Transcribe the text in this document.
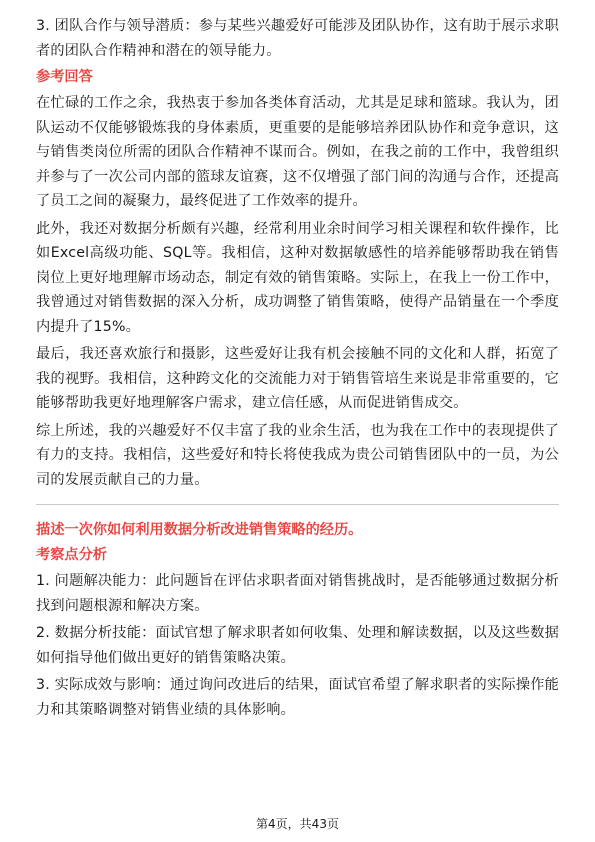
3. 团队合作与领导潜质：参与某些兴趣爱好可能涉及团队协作，这有助于展示求职者的团队合作精神和潜在的领导能力。

参考回答

在忙碌的工作之余，我热衷于参加各类体育活动，尤其是足球和篮球。我认为，团队运动不仅能够锻炼我的身体素质，更重要的是能够培养团队协作和竞争意识，这与销售类岗位所需的团队合作精神不谋而合。例如，在我之前的工作中，我曾组织并参与了一次公司内部的篮球友谊赛，这不仅增强了部门间的沟通与合作，还提高了员工之间的凝聚力，最终促进了工作效率的提升。

此外，我还对数据分析颇有兴趣，经常利用业余时间学习相关课程和软件操作，比如Excel高级功能、SQL等。我相信，这种对数据敏感性的培养能够帮助我在销售岗位上更好地理解市场动态，制定有效的销售策略。实际上，在我上一份工作中，我曾通过对销售数据的深入分析，成功调整了销售策略，使得产品销量在一个季度内提升了15%。

最后，我还喜欢旅行和摄影，这些爱好让我有机会接触不同的文化和人群，拓宽了我的视野。我相信，这种跨文化的交流能力对于销售管培生来说是非常重要的，它能够帮助我更好地理解客户需求，建立信任感，从而促进销售成交。

综上所述，我的兴趣爱好不仅丰富了我的业余生活，也为我在工作中的表现提供了有力的支持。我相信，这些爱好和特长将使我成为贵公司销售团队中的一员，为公司的发展贡献自己的力量。

描述一次你如何利用数据分析改进销售策略的经历。
考察点分析

1. 问题解决能力：此问题旨在评估求职者面对销售挑战时，是否能够通过数据分析找到问题根源和解决方案。

2. 数据分析技能：面试官想了解求职者如何收集、处理和解读数据，以及这些数据如何指导他们做出更好的销售策略决策。

3. 实际成效与影响：通过询问改进后的结果，面试官希望了解求职者的实际操作能力和其策略调整对销售业绩的具体影响。

第4页，共43页
